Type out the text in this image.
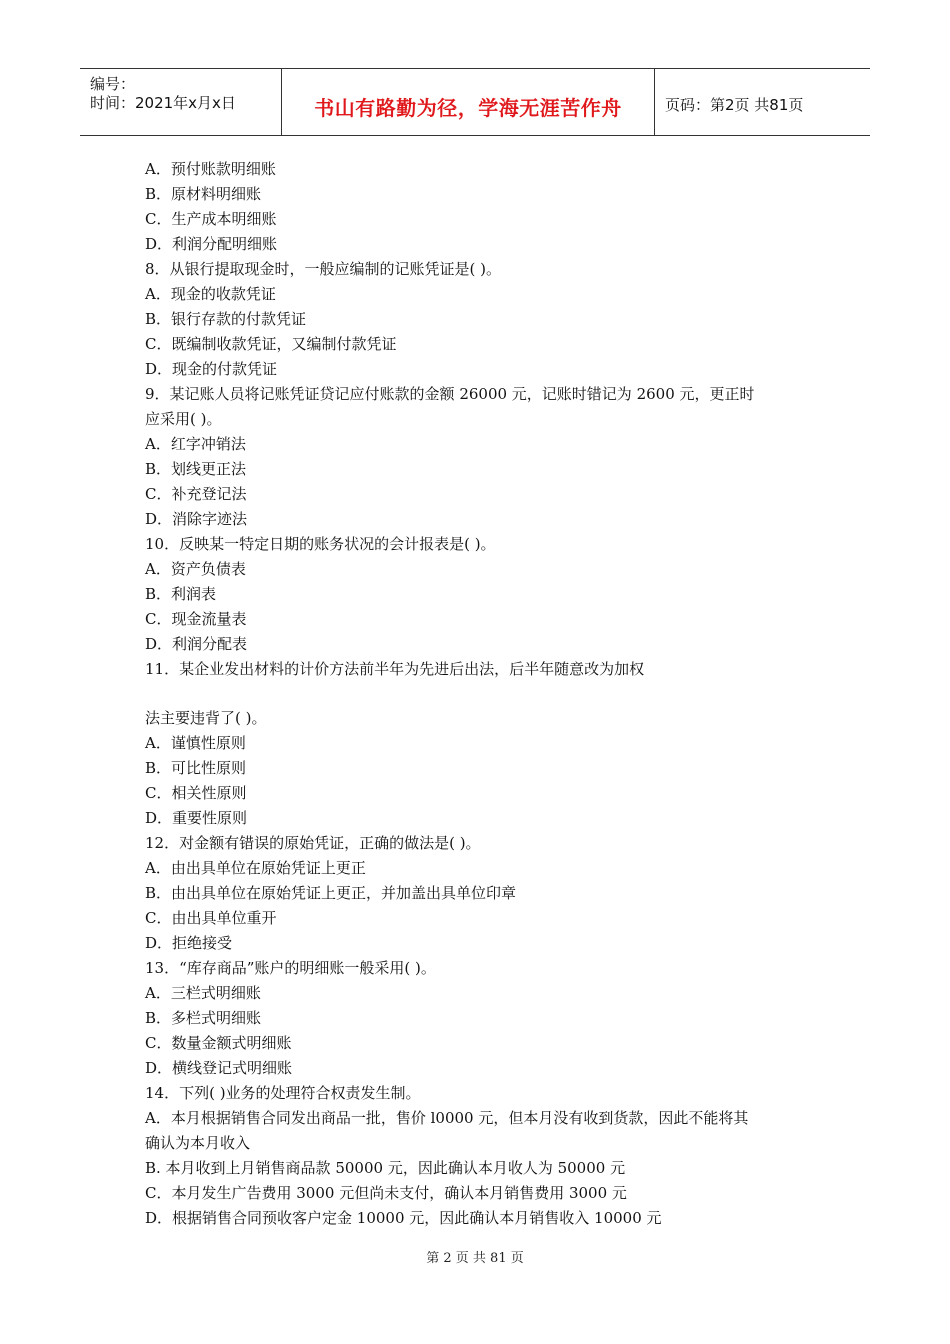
编号：
时间：2021年x月x日	书山有路勤为径，学海无涯苦作舟	页码：第2页 共81页
A．预付账款明细账
B．原材料明细账
C．生产成本明细账
D．利润分配明细账
8．从银行提取现金时，一般应编制的记账凭证是( )。
A．现金的收款凭证
B．银行存款的付款凭证
C．既编制收款凭证，又编制付款凭证
D．现金的付款凭证
9．某记账人员将记账凭证贷记应付账款的金额 26000 元，记账时错记为 2600 元，更正时
应采用( )。
A．红字冲销法
B．划线更正法
C．补充登记法
D．消除字迹法
10．反映某一特定日期的账务状况的会计报表是( )。
A．资产负债表
B．利润表
C．现金流量表
D．利润分配表
11．某企业发出材料的计价方法前半年为先进后出法，后半年随意改为加权
法主要违背了( )。
A．谨慎性原则
B．可比性原则
C．相关性原则
D．重要性原则
12．对金额有错误的原始凭证，正确的做法是( )。
A．由出具单位在原始凭证上更正
B．由出具单位在原始凭证上更正，并加盖出具单位印章
C．由出具单位重开
D．拒绝接受
13．“库存商品”账户的明细账一般采用( )。
A．三栏式明细账
B．多栏式明细账
C．数量金额式明细账
D．横线登记式明细账
14．下列( )业务的处理符合权责发生制。
A．本月根据销售合同发出商品一批，售价 l0000 元，但本月没有收到货款，因此不能将其
确认为本月收入
B. 本月收到上月销售商品款 50000 元，因此确认本月收人为 50000 元
C．本月发生广告费用 3000 元但尚未支付，确认本月销售费用 3000 元
D．根据销售合同预收客户定金 10000 元，因此确认本月销售收入 10000 元
第 2 页 共 81 页
